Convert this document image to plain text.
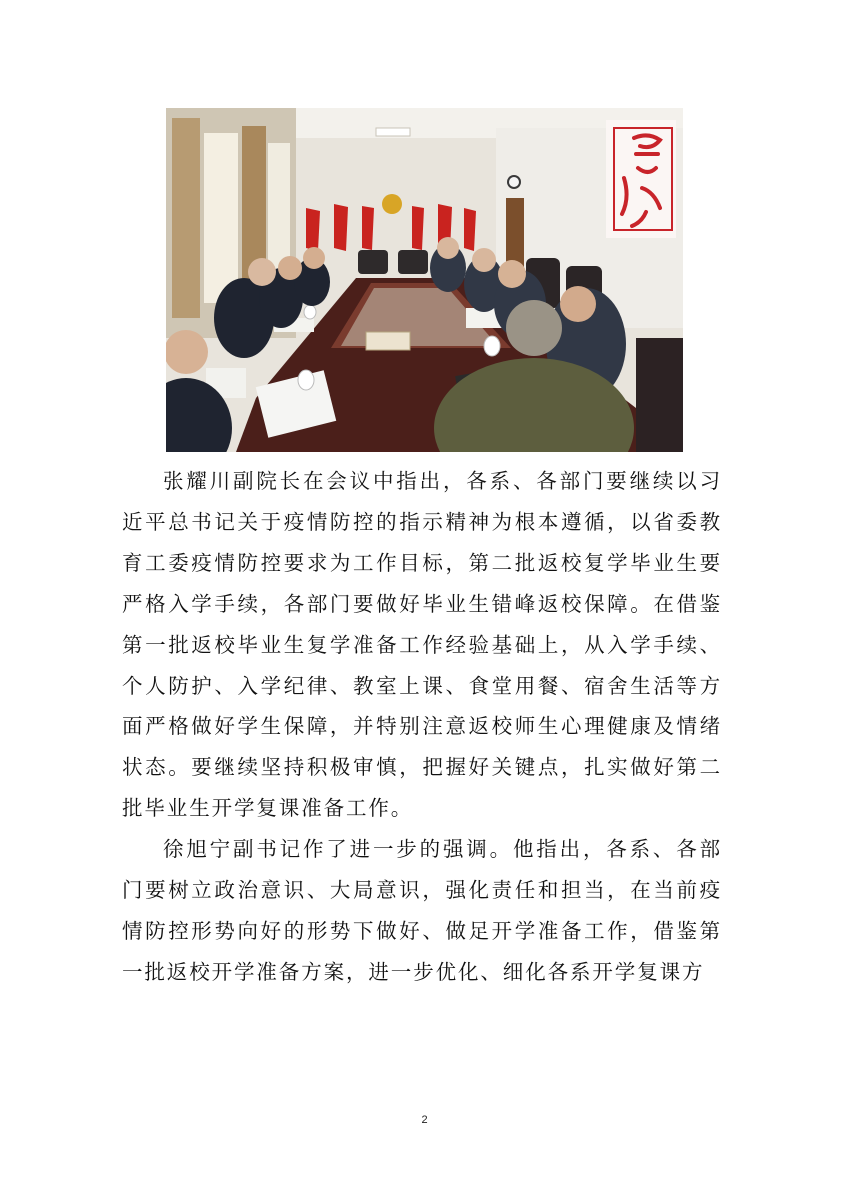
张耀川副院长在会议中指出，各系、各部门要继续以习近平总书记关于疫情防控的指示精神为根本遵循，以省委教育工委疫情防控要求为工作目标，第二批返校复学毕业生要严格入学手续，各部门要做好毕业生错峰返校保障。在借鉴第一批返校毕业生复学准备工作经验基础上，从入学手续、个人防护、入学纪律、教室上课、食堂用餐、宿舍生活等方面严格做好学生保障，并特别注意返校师生心理健康及情绪状态。要继续坚持积极审慎，把握好关键点，扎实做好第二批毕业生开学复课准备工作。

徐旭宁副书记作了进一步的强调。他指出，各系、各部门要树立政治意识、大局意识，强化责任和担当，在当前疫情防控形势向好的形势下做好、做足开学准备工作，借鉴第一批返校开学准备方案，进一步优化、细化各系开学复课方

2
